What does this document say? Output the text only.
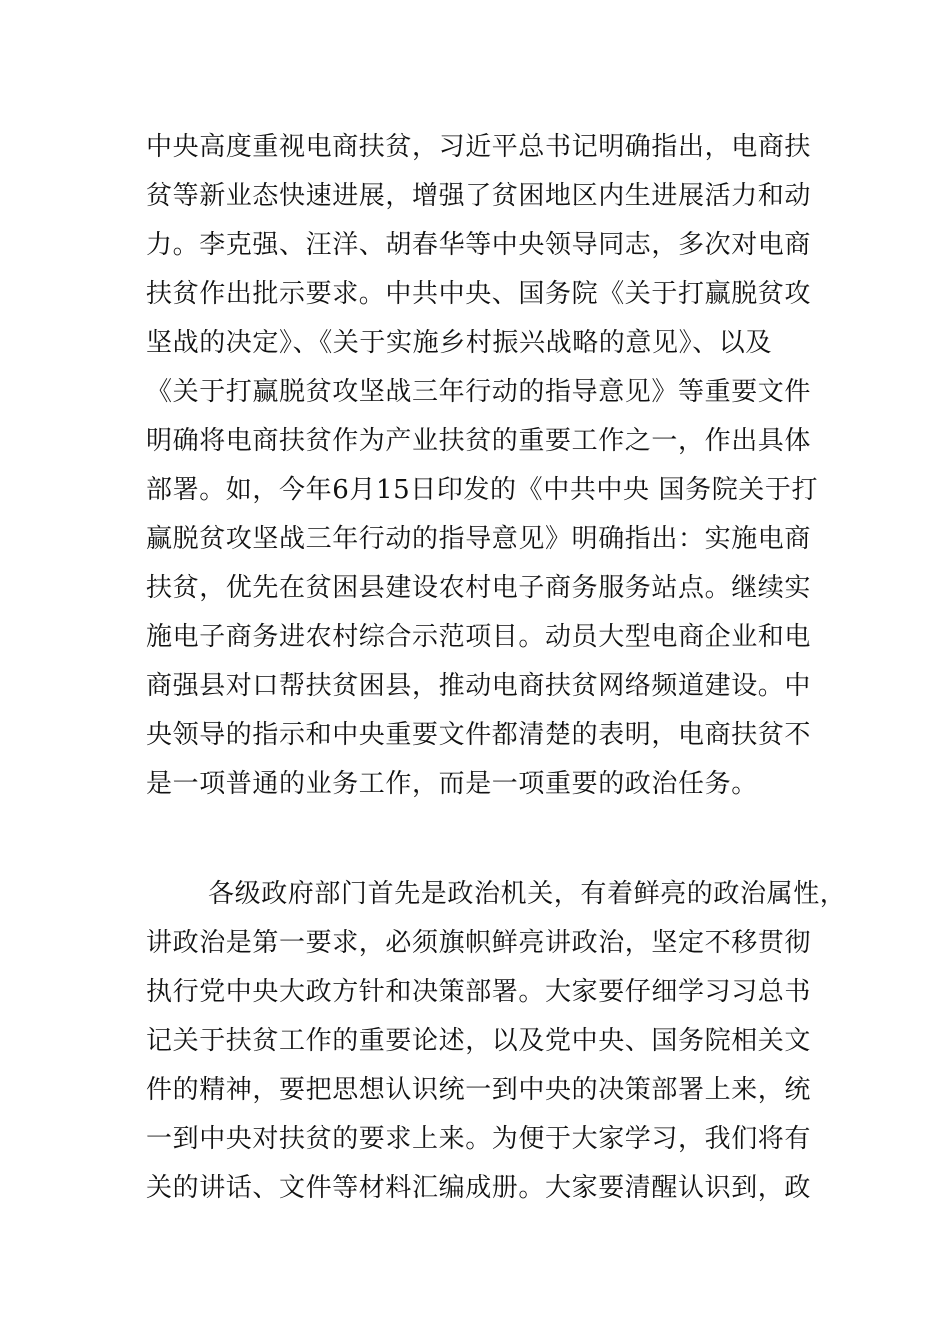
中央高度重视电商扶贫，习近平总书记明确指出，电商扶
贫等新业态快速进展，增强了贫困地区内生进展活力和动
力。李克强、汪洋、胡春华等中央领导同志，多次对电商
扶贫作出批示要求。中共中央、国务院《关于打赢脱贫攻
坚战的决定》、《关于实施乡村振兴战略的意见》、以及
《关于打赢脱贫攻坚战三年行动的指导意见》等重要文件
明确将电商扶贫作为产业扶贫的重要工作之一，作出具体
部署。如，今年6月15日印发的《中共中央 国务院关于打
赢脱贫攻坚战三年行动的指导意见》明确指出：实施电商
扶贫，优先在贫困县建设农村电子商务服务站点。继续实
施电子商务进农村综合示范项目。动员大型电商企业和电
商强县对口帮扶贫困县，推动电商扶贫网络频道建设。中
央领导的指示和中央重要文件都清楚的表明，电商扶贫不
是一项普通的业务工作，而是一项重要的政治任务。
各级政府部门首先是政治机关，有着鲜亮的政治属性，
讲政治是第一要求，必须旗帜鲜亮讲政治，坚定不移贯彻
执行党中央大政方针和决策部署。大家要仔细学习习总书
记关于扶贫工作的重要论述，以及党中央、国务院相关文
件的精神，要把思想认识统一到中央的决策部署上来，统
一到中央对扶贫的要求上来。为便于大家学习，我们将有
关的讲话、文件等材料汇编成册。大家要清醒认识到，政
